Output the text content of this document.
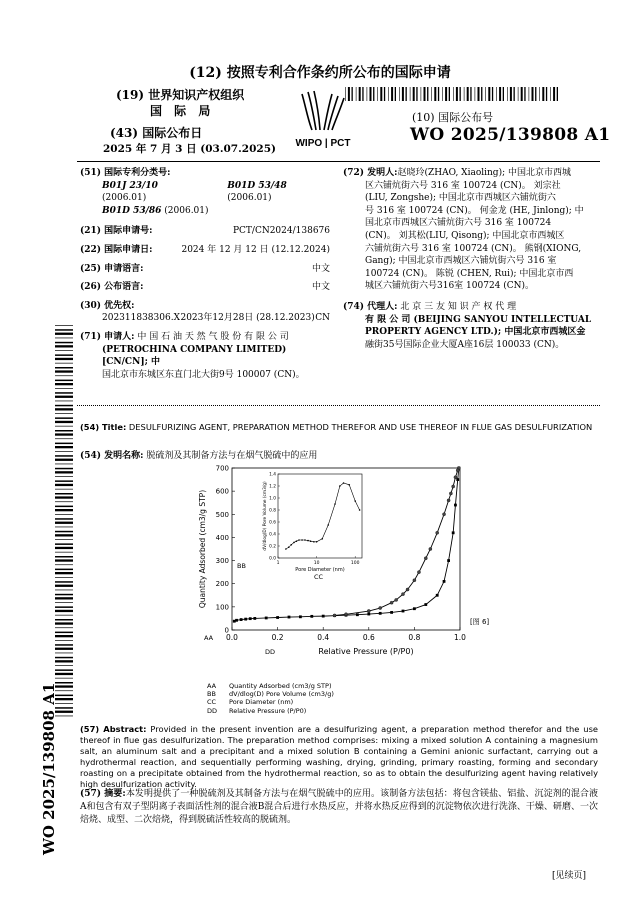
(12) 按照专利合作条约所公布的国际申请
(19) 世界知识产权组织
国 际 局
(43) 国际公布日
2025 年 7 月 3 日 (03.07.2025) WIPO | PCT
(10) 国际公布号
WO 2025/139808 A1
(51) 国际专利分类号:
B01J 23/10 (2006.01)
B01D 53/48 (2006.01)
B01D 53/86 (2006.01)
(21) 国际申请号:	PCT/CN2024/138676
(22) 国际申请日:	2024 年 12 月 12 日 (12.12.2024)
(25) 申请语言:	中文
(26) 公布语言:	中文
(30) 优先权:
202311838306.X 2023年12月28日 (28.12.2023) CN
(71) 申请人: 中 国 石 油 天 然 气 股 份 有 限 公 司
(PETROCHINA COMPANY LIMITED) [CN/CN]; 中
国北京市东城区东直门北大街9号 100007 (CN)。
(72) 发明人:赵晓玲(ZHAO, Xiaoling); 中国北京市西城
区六铺炕街六号 316 室 100724 (CN)。 刘宗社
(LIU, Zongshe); 中国北京市西城区六铺炕街六
号 316 室 100724 (CN)。 何金龙 (HE, Jinlong); 中
国北京市西城区六铺炕街六号 316 室 100724
(CN)。 刘其松(LIU, Qisong); 中国北京市西城区
六铺炕街六号 316 室 100724 (CN)。 熊钢(XIONG,
Gang); 中国北京市西城区六铺炕街六号 316 室
100724 (CN)。 陈锐 (CHEN, Rui); 中国北京市西
城区六铺炕街六号316室 100724 (CN)。
(74) 代理人: 北 京 三 友 知 识 产 权 代 理
有 限 公 司 (BEIJING SANYOU INTELLECTUAL
PROPERTY AGENCY LTD.); 中国北京市西城区金
融街35号国际企业大厦A座16层 100033 (CN)。
WO 2025/139808 A1
(54) Title: DESULFURIZING AGENT, PREPARATION METHOD THEREFOR AND USE THEREOF IN FLUE GAS DESULFURIZATION
(54) 发明名称: 脱硫剂及其制备方法与在烟气脱硫中的应用
0
100
200
300
400
500
600
700
0.0	0.2	0.4	0.6	0.8	1.0
Quantity Adsorbed (cm3/g STP)
Relative Pressure (P/P0)
AA
DD
0.0
0.2
0.4
0.6
0.8
1.0
1.2
1.4
1	10	100
dV/dlog(D) Pore Volume (cm3/g)
Pore Diameter (nm)
BB
CC
[图 6]
AA Quantity Adsorbed (cm3/g STP)
BB dV/dlog(D) Pore Volume (cm3/g)
CC Pore Diameter (nm)
DD Relative Pressure (P/P0)
(57) Abstract: Provided in the present invention are a desulfurizing agent, a preparation method therefor and the use thereof in flue gas desulfurization. The preparation method comprises: mixing a mixed solution A containing a magnesium salt, an aluminum salt and a precipitant and a mixed solution B containing a Gemini anionic surfactant, carrying out a hydrothermal reaction, and sequentially performing washing, drying, grinding, primary roasting, forming and secondary roasting on a precipitate obtained from the hydrothermal reaction, so as to obtain the desulfurizing agent having relatively high desulfurization activity.
(57) 摘要:本发明提供了一种脱硫剂及其制备方法与在烟气脱硫中的应用。该制备方法包括：将包含镁盐、铝盐、沉淀剂的混合液A和包含有双子型阴离子表面活性剂的混合液B混合后进行水热反应，并将水热反应得到的沉淀物依次进行洗涤、干燥、研磨、一次焙烧、成型、二次焙烧，得到脱硫活性较高的脱硫剂。
[见续页]
